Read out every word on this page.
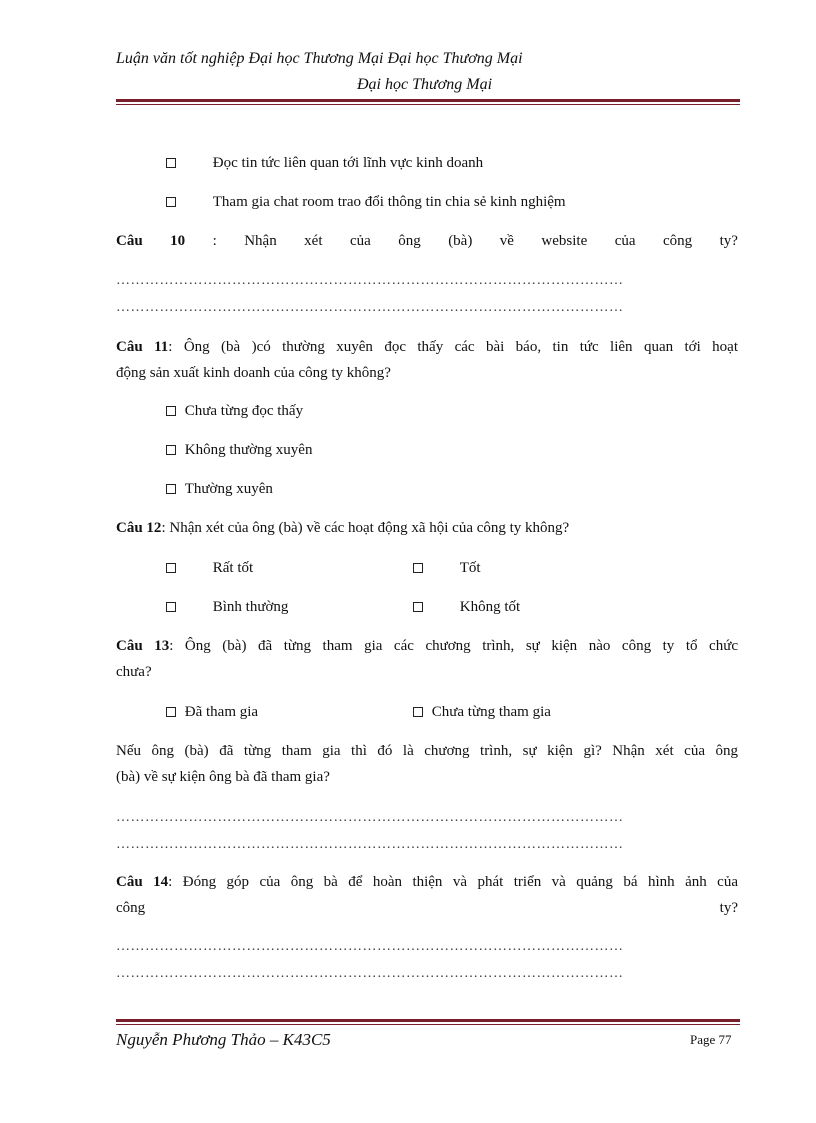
Luận văn tốt nghiệp Đại học Thương Mại Đại học Thương Mại
Đại học Thương Mại
Đọc tin tức liên quan tới lĩnh vực kinh doanh
Tham gia chat room trao đổi thông tin chia sẻ kinh nghiệm
Câu 10 : Nhận xét của ông (bà) về website của công ty?
……………………………………………………………………………………………
……………………………………………………………………………………………
Câu 11: Ông (bà )có thường xuyên đọc thấy các bài báo, tin tức liên quan tới hoạt
động sản xuất kinh doanh của công ty không?
Chưa từng đọc thấy
Không thường xuyên
Thường xuyên
Câu 12: Nhận xét của ông (bà) về các hoạt động xã hội của công ty không?
Rất tốt	Tốt
Bình thường	Không tốt
Câu 13: Ông (bà) đã từng tham gia các chương trình, sự kiện nào công ty tổ chức
chưa?
Đã tham gia	Chưa từng tham gia
Nếu ông (bà) đã từng tham gia thì đó là chương trình, sự kiện gì? Nhận xét của ông
(bà) về sự kiện ông bà đã tham gia?
……………………………………………………………………………………………
……………………………………………………………………………………………
Câu 14: Đóng góp của ông bà để hoàn thiện và phát triển và quảng bá hình ảnh của
công	ty?
……………………………………………………………………………………………
……………………………………………………………………………………………
Nguyễn Phương Thảo – K43C5	Page 77
